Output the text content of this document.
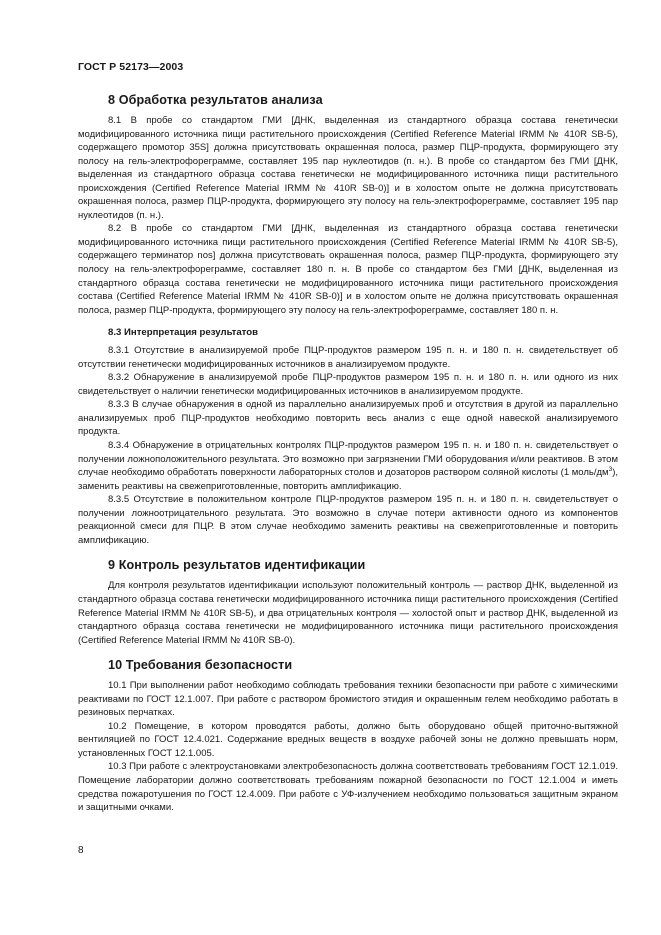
ГОСТ Р 52173—2003
8 Обработка результатов анализа

8.1 В пробе со стандартом ГМИ [ДНК, выделенная из стандартного образца состава генетически модифицированного источника пищи растительного происхождения (Certified Reference Material IRMM № 410R SB-5), содержащего промотор 35S] должна присутствовать окрашенная полоса, размер ПЦР-продукта, формирующего эту полосу на гель-электрофореграмме, составляет 195 пар нуклеотидов (п. н.). В пробе со стандартом без ГМИ [ДНК, выделенная из стандартного образца состава генетически не модифицированного источника пищи растительного происхождения (Certified Reference Material IRMM № 410R SB-0)] и в холостом опыте не должна присутствовать окрашенная полоса, размер ПЦР-продукта, формирующего эту полосу на гель-электрофореграмме, составляет 195 пар нуклеотидов (п. н.).

8.2 В пробе со стандартом ГМИ [ДНК, выделенная из стандартного образца состава генетически модифицированного источника пищи растительного происхождения (Certified Reference Material IRMM № 410R SB-5), содержащего терминатор nos] должна присутствовать окрашенная полоса, размер ПЦР-продукта, формирующего эту полосу на гель-электрофореграмме, составляет 180 п. н. В пробе со стандартом без ГМИ [ДНК, выделенная из стандартного образца состава генетически не модифицированного источника пищи растительного происхождения состава (Certified Reference Material IRMM № 410R SB-0)] и в холостом опыте не должна присутствовать окрашенная полоса, размер ПЦР-продукта, формирующего эту полосу на гель-электрофореграмме, составляет 180 п. н.

8.3 Интерпретация результатов

8.3.1 Отсутствие в анализируемой пробе ПЦР-продуктов размером 195 п. н. и 180 п. н. свидетельствует об отсутствии генетически модифицированных источников в анализируемом продукте.

8.3.2 Обнаружение в анализируемой пробе ПЦР-продуктов размером 195 п. н. и 180 п. н. или одного из них свидетельствует о наличии генетически модифицированных источников в анализируемом продукте.

8.3.3 В случае обнаружения в одной из параллельно анализируемых проб и отсутствия в другой из параллельно анализируемых проб ПЦР-продуктов необходимо повторить весь анализ с еще одной навеской анализируемого продукта.

8.3.4 Обнаружение в отрицательных контролях ПЦР-продуктов размером 195 п. н. и 180 п. н. свидетельствует о получении ложноположительного результата. Это возможно при загрязнении ГМИ оборудования и/или реактивов. В этом случае необходимо обработать поверхности лабораторных столов и дозаторов раствором соляной кислоты (1 моль/$дм^3$), заменить реактивы на свежеприготовленные, повторить амплификацию.

8.3.5 Отсутствие в положительном контроле ПЦР-продуктов размером 195 п. н. и 180 п. н. свидетельствует о получении ложноотрицательного результата. Это возможно в случае потери активности одного из компонентов реакционной смеси для ПЦР. В этом случае необходимо заменить реактивы на свежеприготовленные и повторить амплификацию.

9 Контроль результатов идентификации

Для контроля результатов идентификации используют положительный контроль — раствор ДНК, выделенной из стандартного образца состава генетически модифицированного источника пищи растительного происхождения (Certified Reference Material IRMM № 410R SB-5), и два отрицательных контроля — холостой опыт и раствор ДНК, выделенной из стандартного образца состава генетически не модифицированного источника пищи растительного происхождения (Certified Reference Material IRMM № 410R SB-0).

10 Требования безопасности

10.1 При выполнении работ необходимо соблюдать требования техники безопасности при работе с химическими реактивами по ГОСТ 12.1.007. При работе с раствором бромистого этидия и окрашенным гелем необходимо работать в резиновых перчатках.

10.2 Помещение, в котором проводятся работы, должно быть оборудовано общей приточно-вытяжной вентиляцией по ГОСТ 12.4.021. Содержание вредных веществ в воздухе рабочей зоны не должно превышать норм, установленных ГОСТ 12.1.005.

10.3 При работе с электроустановками электробезопасность должна соответствовать требованиям ГОСТ 12.1.019. Помещение лаборатории должно соответствовать требованиям пожарной безопасности по ГОСТ 12.1.004 и иметь средства пожаротушения по ГОСТ 12.4.009. При работе с УФ-излучением необходимо пользоваться защитным экраном и защитными очками.

8
